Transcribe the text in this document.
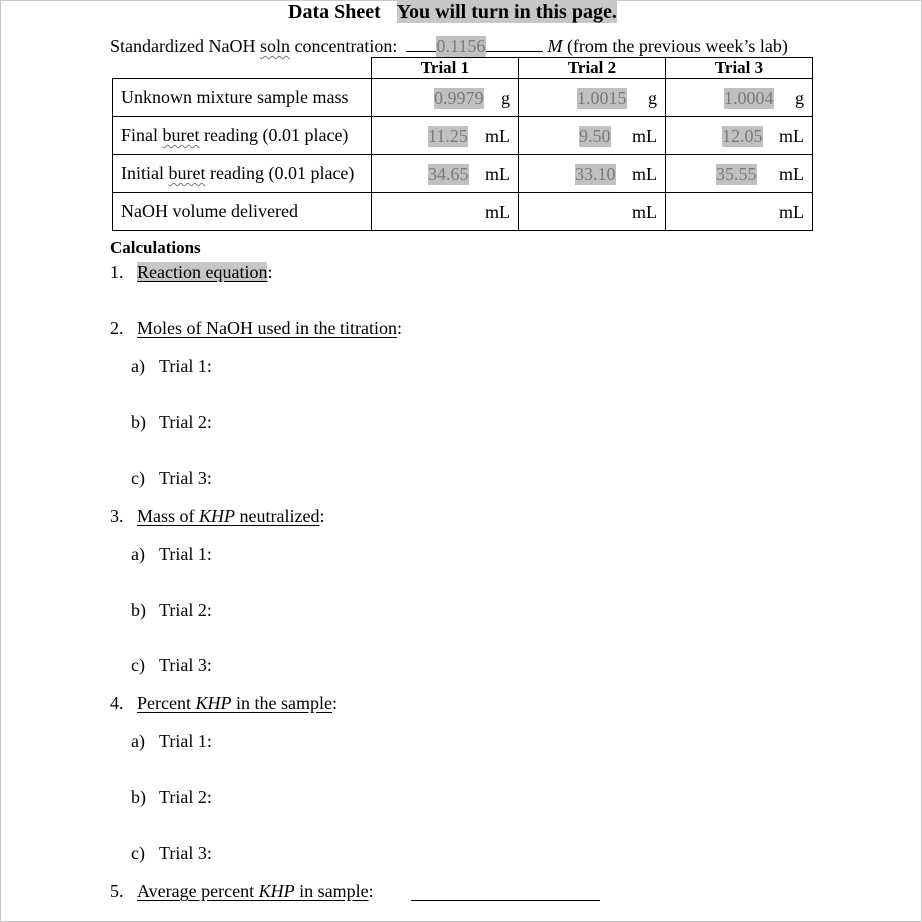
Data Sheet You will turn in this page.
Standardized NaOH soln concentration: 0.1156	M (from the previous week’s lab)
	Trial 1	Trial 2	Trial 3
Unknown mixture sample mass	0.9979 g	1.0015 g	1.0004 g

Final buret reading (0.01 place)	11.25 mL	9.50 mL	12.05 mL

Initial buret reading (0.01 place)	34.65 mL	33.10 mL	35.55 mL

NaOH volume delivered	mL	mL	mL
Calculations
1. Reaction equation:
2. Moles of NaOH used in the titration:
a) Trial 1:
b) Trial 2:
c) Trial 3:
3. Mass of KHP neutralized:
a) Trial 1:
b) Trial 2:
c) Trial 3:
4. Percent KHP in the sample:
a) Trial 1:
b) Trial 2:
c) Trial 3:
5. Average percent KHP in sample:
